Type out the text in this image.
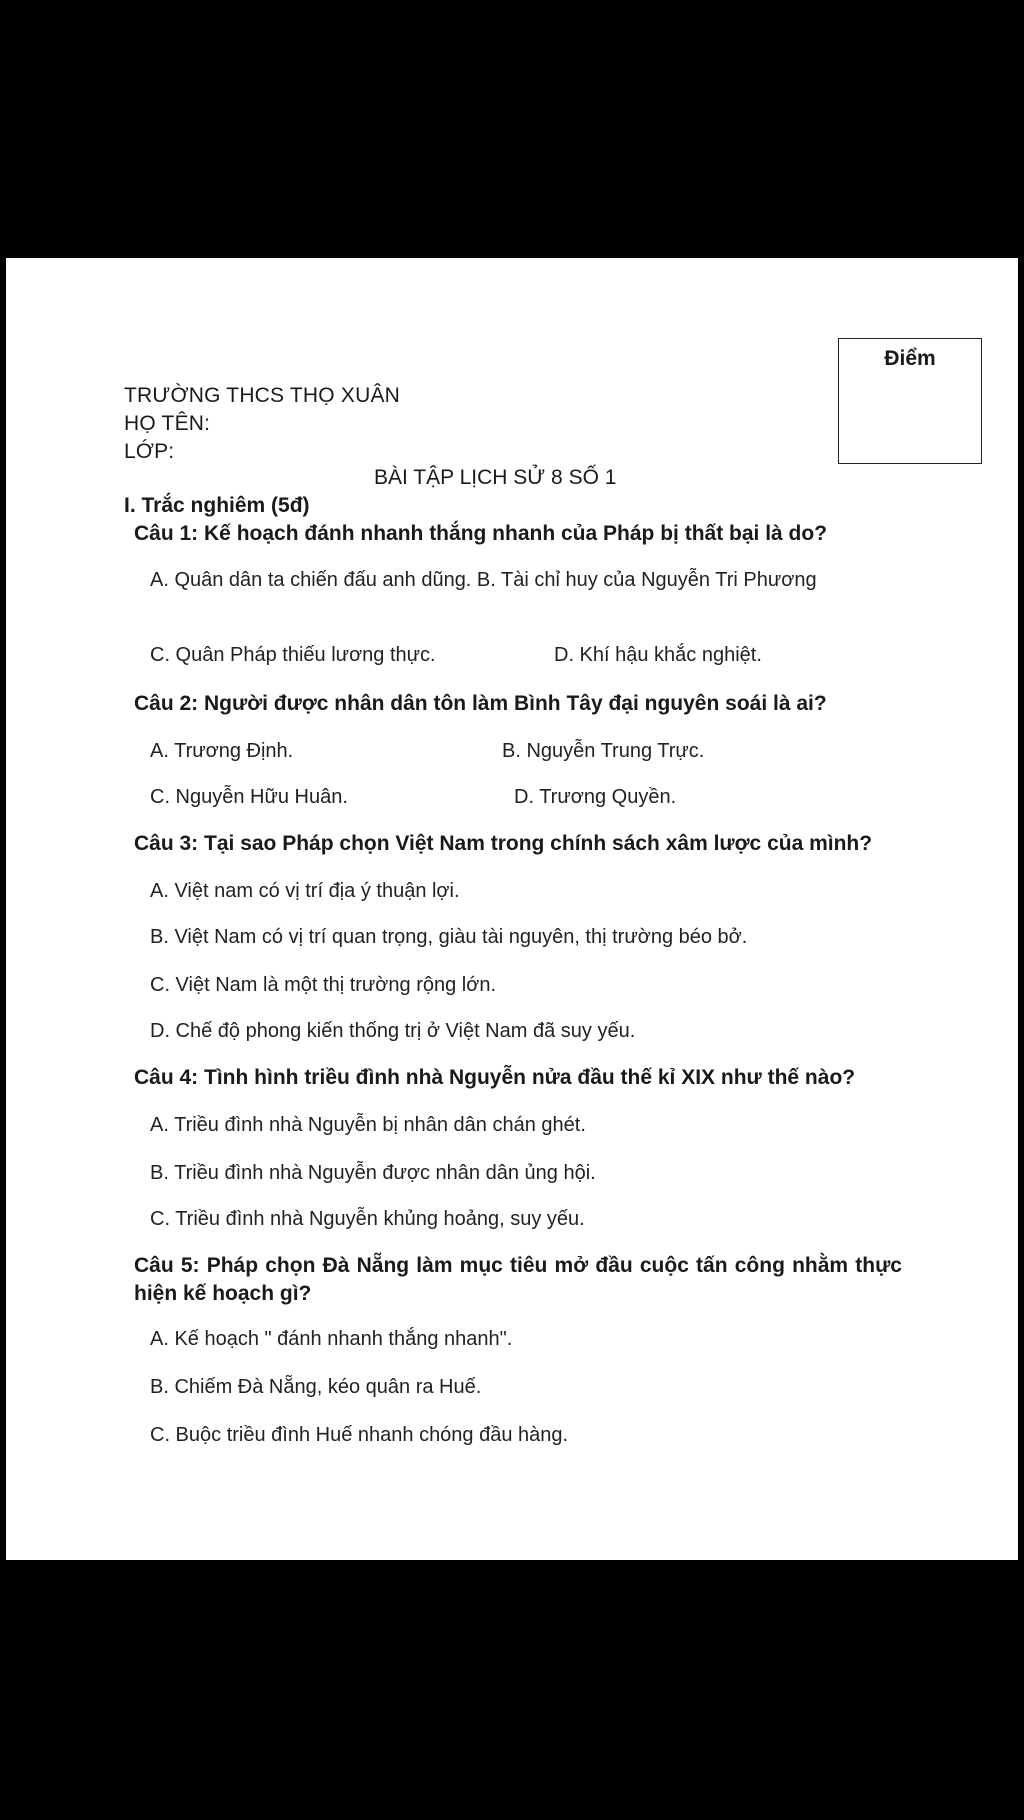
Điểm
TRƯỜNG THCS THỌ XUÂN
HỌ TÊN:
LỚP:
BÀI TẬP LỊCH SỬ 8 SỐ 1
I. Trắc nghiêm (5đ)
Câu 1: Kế hoạch đánh nhanh thắng nhanh của Pháp bị thất bại là do?
A. Quân dân ta chiến đấu anh dũng. B. Tài chỉ huy của Nguyễn Tri Phương
C. Quân Pháp thiếu lương thực.	D. Khí hậu khắc nghiệt.
Câu 2: Người được nhân dân tôn làm Bình Tây đại nguyên soái là ai?
A. Trương Định.	B. Nguyễn Trung Trực.
C. Nguyễn Hữu Huân.	D. Trương Quyền.
Câu 3: Tại sao Pháp chọn Việt Nam trong chính sách xâm lược của mình?
A. Việt nam có vị trí địa ý thuận lợi.
B. Việt Nam có vị trí quan trọng, giàu tài nguyên, thị trường béo bở.
C. Việt Nam là một thị trường rộng lớn.
D. Chế độ phong kiến thống trị ở Việt Nam đã suy yếu.
Câu 4: Tình hình triều đình nhà Nguyễn nửa đầu thế kỉ XIX như thế nào?
A. Triều đình nhà Nguyễn bị nhân dân chán ghét.
B. Triều đình nhà Nguyễn được nhân dân ủng hội.
C. Triều đình nhà Nguyễn khủng hoảng, suy yếu.
Câu 5: Pháp chọn Đà Nẵng làm mục tiêu mở đầu cuộc tấn công nhằm thực hiện kế hoạch gì?
A. Kế hoạch " đánh nhanh thắng nhanh".
B. Chiếm Đà Nẵng, kéo quân ra Huế.
C. Buộc triều đình Huế nhanh chóng đầu hàng.
